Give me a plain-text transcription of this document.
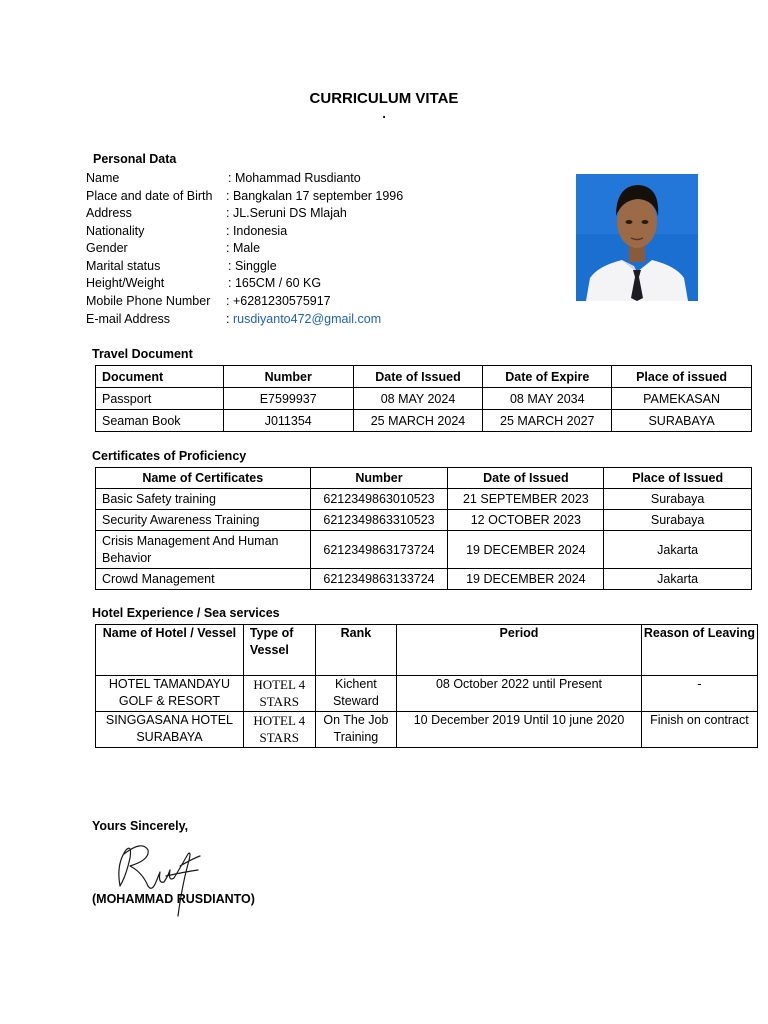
CURRICULUM VITAE
.
Personal Data
Name	: Mohammad Rusdianto
Place and date of Birth : Bangkalan 17 september 1996
Address	: JL.Seruni DS Mlajah
Nationality	: Indonesia
Gender	: Male
Marital status	: Singgle
Height/Weight	: 165CM / 60 KG
Mobile Phone Number : +6281230575917
E-mail Address	: rusdiyanto472@gmail.com
Travel Document
Document	Number	Date of Issued	Date of Expire	Place of issued
Passport	E7599937	08 MAY 2024	08 MAY 2034	PAMEKASAN
Seaman Book	J011354	25 MARCH 2024	25 MARCH 2027	SURABAYA
Certificates of Proficiency
Name of Certificates	Number	Date of Issued	Place of Issued
Basic Safety training	6212349863010523	21 SEPTEMBER 2023	Surabaya
Security Awareness Training	6212349863310523	12 OCTOBER 2023	Surabaya
Crisis Management And Human Behavior	6212349863173724	19 DECEMBER 2024	Jakarta
Crowd Management	6212349863133724	19 DECEMBER 2024	Jakarta
Hotel Experience / Sea services
Name of Hotel / Vessel	Type of Vessel	Rank	Period	Reason of Leaving
HOTEL TAMANDAYU GOLF & RESORT	HOTEL 4 STARS	Kichent Steward	08 October 2022 until Present	-
SINGGASANA HOTEL SURABAYA	HOTEL 4 STARS	On The Job Training	10 December 2019 Until 10 june 2020	Finish on contract
Yours Sincerely,
(MOHAMMAD RUSDIANTO)
